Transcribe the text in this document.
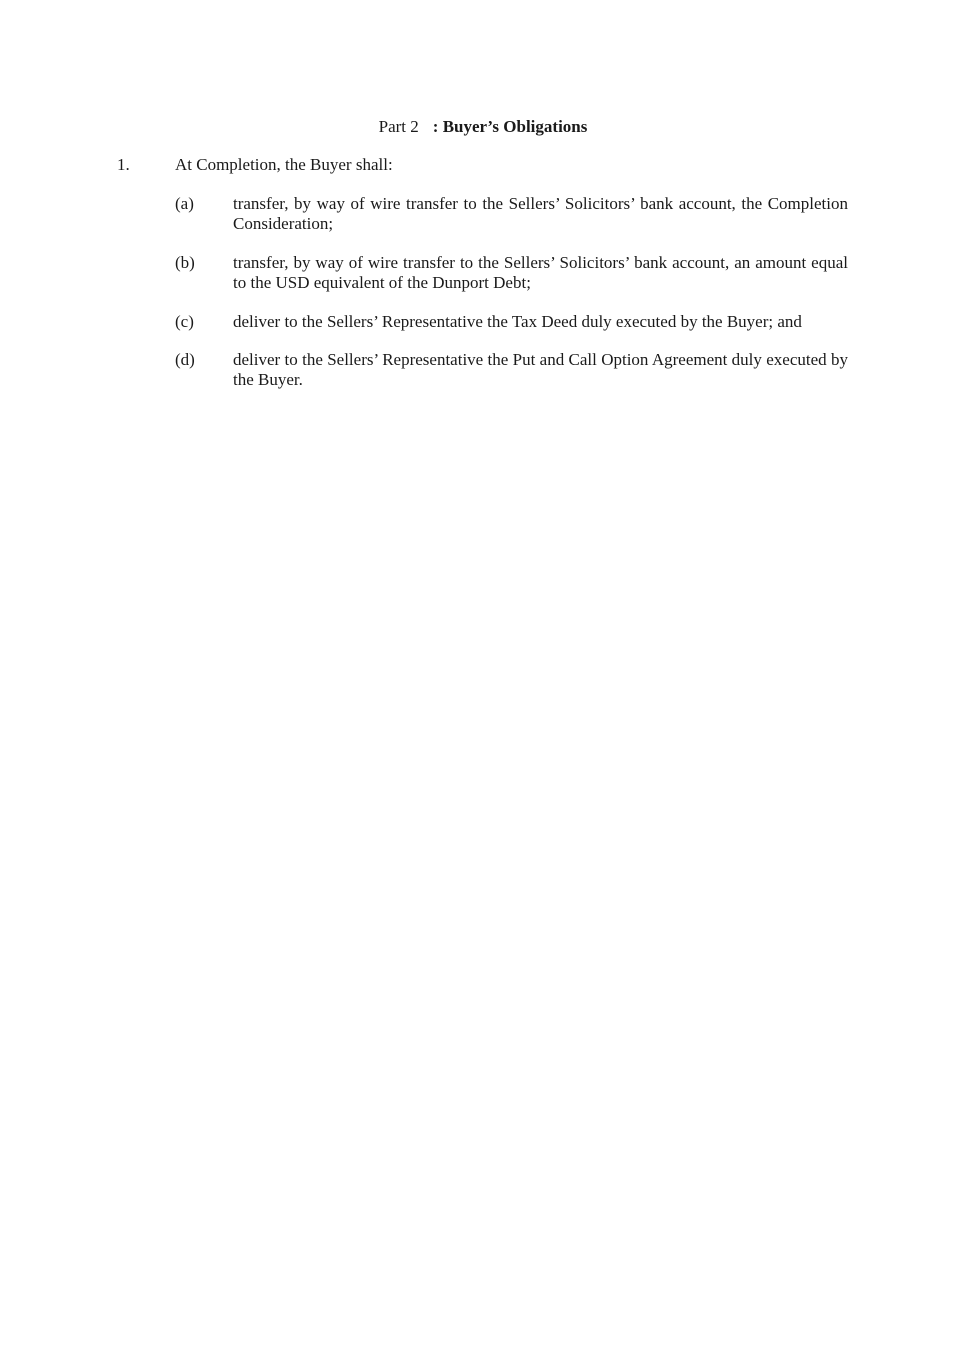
Part 2 : Buyer’s Obligations
1.	At Completion, the Buyer shall:
(a) transfer, by way of wire transfer to the Sellers’ Solicitors’ bank account, the Completion Consideration;
(b) transfer, by way of wire transfer to the Sellers’ Solicitors’ bank account, an amount equal to the USD equivalent of the Dunport Debt;
(c) deliver to the Sellers’ Representative the Tax Deed duly executed by the Buyer; and
(d) deliver to the Sellers’ Representative the Put and Call Option Agreement duly executed by the Buyer.
